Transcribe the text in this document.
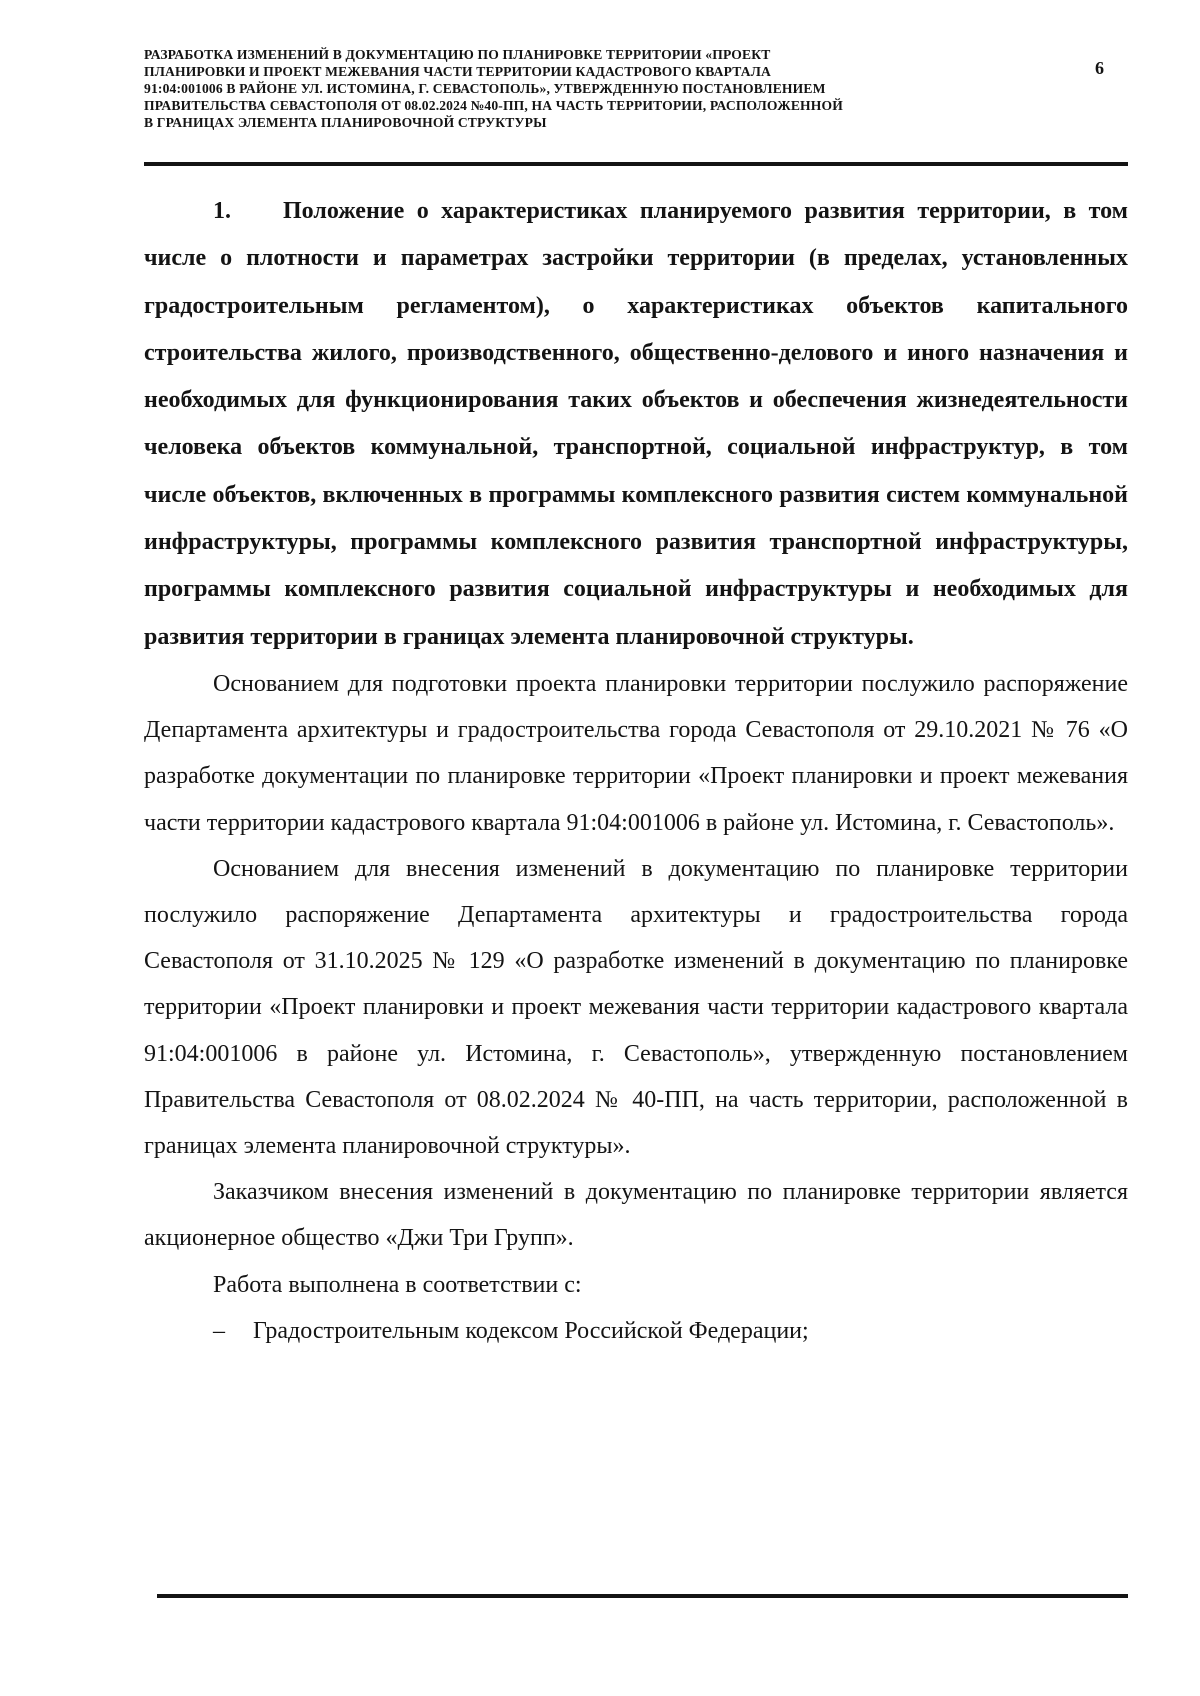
РАЗРАБОТКА ИЗМЕНЕНИЙ В ДОКУМЕНТАЦИЮ ПО ПЛАНИРОВКЕ ТЕРРИТОРИИ «ПРОЕКТ
ПЛАНИРОВКИ И ПРОЕКТ МЕЖЕВАНИЯ ЧАСТИ ТЕРРИТОРИИ КАДАСТРОВОГО КВАРТАЛА
91:04:001006 В РАЙОНЕ УЛ. ИСТОМИНА, Г. СЕВАСТОПОЛЬ», УТВЕРЖДЕННУЮ ПОСТАНОВЛЕНИЕМ
ПРАВИТЕЛЬСТВА СЕВАСТОПОЛЯ ОТ 08.02.2024 №40-ПП, НА ЧАСТЬ ТЕРРИТОРИИ, РАСПОЛОЖЕННОЙ
В ГРАНИЦАХ ЭЛЕМЕНТА ПЛАНИРОВОЧНОЙ СТРУКТУРЫ
6

1. Положение о характеристиках планируемого развития территории, в том числе о плотности и параметрах застройки территории (в пределах, установленных градостроительным регламентом), о характеристиках объектов капитального строительства жилого, производственного, общественно-делового и иного назначения и необходимых для функционирования таких объектов и обеспечения жизнедеятельности человека объектов коммунальной, транспортной, социальной инфраструктур, в том числе объектов, включенных в программы комплексного развития систем коммунальной инфраструктуры, программы комплексного развития транспортной инфраструктуры, программы комплексного развития социальной инфраструктуры и необходимых для развития территории в границах элемента планировочной структуры.

Основанием для подготовки проекта планировки территории послужило распоряжение Департамента архитектуры и градостроительства города Севастополя от 29.10.2021 № 76 «О разработке документации по планировке территории «Проект планировки и проект межевания части территории кадастрового квартала 91:04:001006 в районе ул. Истомина, г. Севастополь».

Основанием для внесения изменений в документацию по планировке территории послужило распоряжение Департамента архитектуры и градостроительства города Севастополя от 31.10.2025 № 129 «О разработке изменений в документацию по планировке территории «Проект планировки и проект межевания части территории кадастрового квартала 91:04:001006 в районе ул. Истомина, г. Севастополь», утвержденную постановлением Правительства Севастополя от 08.02.2024 № 40-ПП, на часть территории, расположенной в границах элемента планировочной структуры».

Заказчиком внесения изменений в документацию по планировке территории является акционерное общество «Джи Три Групп».

Работа выполнена в соответствии с:

– Градостроительным кодексом Российской Федерации;
